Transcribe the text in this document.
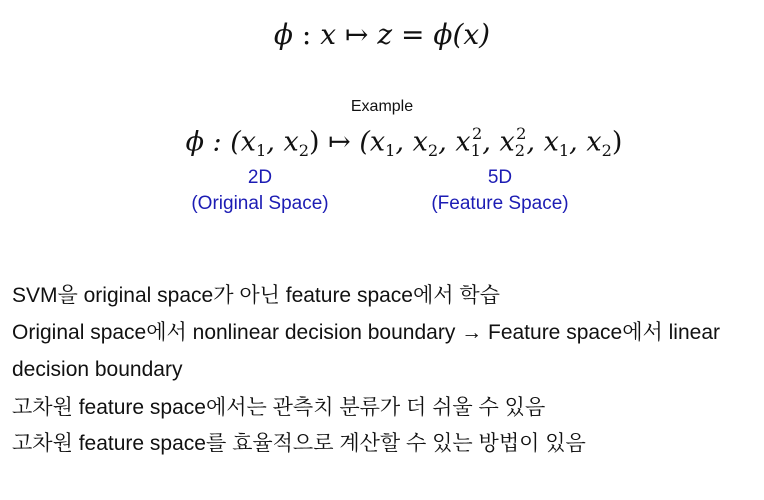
ϕ : x ↦ z = ϕ(x)
Example
ϕ : ($x_1$, $x_2$) ↦ ($x_1$, $x_2$, $x_1^2$, $x_2^2$, $x_1$, $x_2$)
2D
(Original Space)
5D
(Feature Space)
SVM을 original space가 아닌 feature space에서 학습
Original space에서 nonlinear decision boundary → Feature space에서 linear decision boundary
고차원 feature space에서는 관측치 분류가 더 쉬울 수 있음
고차원 feature space를 효율적으로 계산할 수 있는 방법이 있음
